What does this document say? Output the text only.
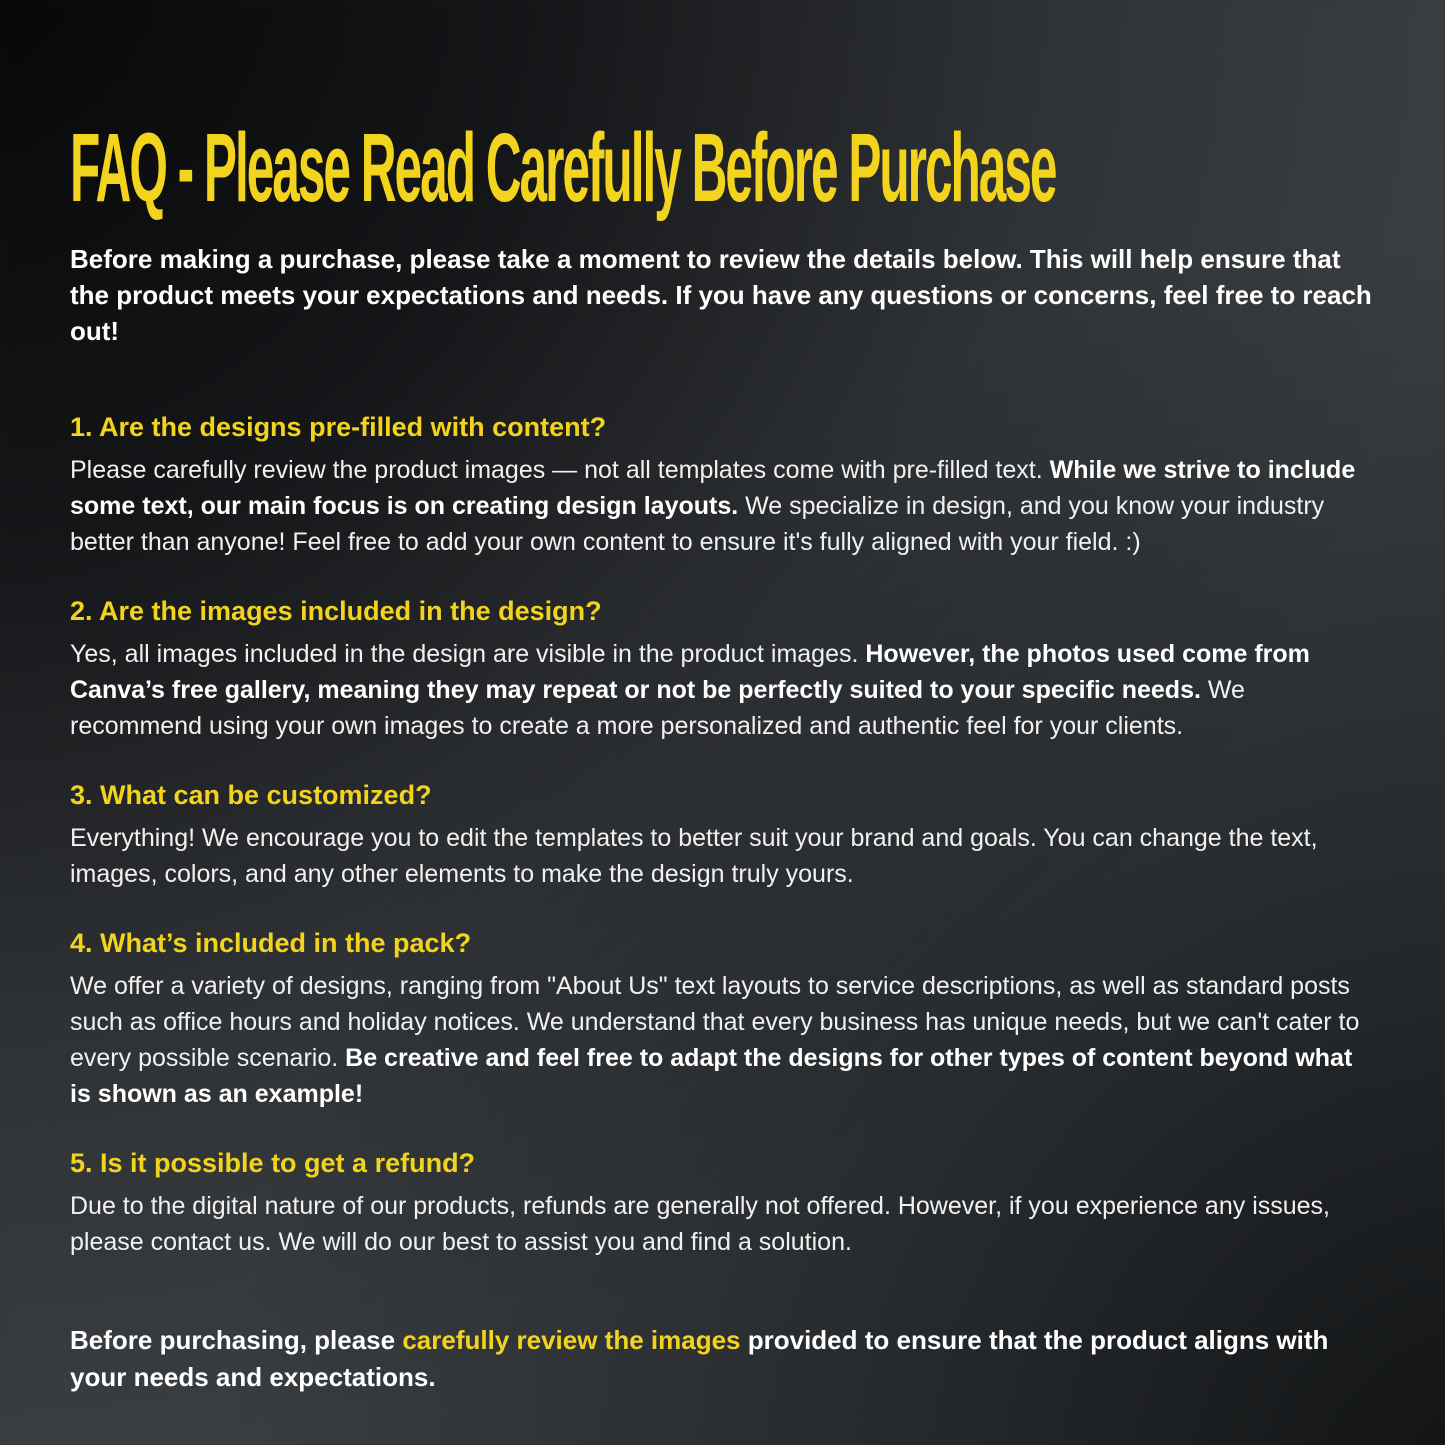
FAQ - Please Read Carefully Before Purchase

Before making a purchase, please take a moment to review the details below. This will help ensure that the product meets your expectations and needs. If you have any questions or concerns, feel free to reach out!

1. Are the designs pre-filled with content?

Please carefully review the product images — not all templates come with pre-filled text. While we strive to include some text, our main focus is on creating design layouts. We specialize in design, and you know your industry better than anyone! Feel free to add your own content to ensure it's fully aligned with your field. :)

2. Are the images included in the design?

Yes, all images included in the design are visible in the product images. However, the photos used come from Canva’s free gallery, meaning they may repeat or not be perfectly suited to your specific needs. We recommend using your own images to create a more personalized and authentic feel for your clients.

3. What can be customized?

Everything! We encourage you to edit the templates to better suit your brand and goals. You can change the text, images, colors, and any other elements to make the design truly yours.

4. What’s included in the pack?

We offer a variety of designs, ranging from "About Us" text layouts to service descriptions, as well as standard posts such as office hours and holiday notices. We understand that every business has unique needs, but we can't cater to every possible scenario. Be creative and feel free to adapt the designs for other types of content beyond what is shown as an example!

5. Is it possible to get a refund?

Due to the digital nature of our products, refunds are generally not offered. However, if you experience any issues, please contact us. We will do our best to assist you and find a solution.

Before purchasing, please carefully review the images provided to ensure that the product aligns with your needs and expectations.
